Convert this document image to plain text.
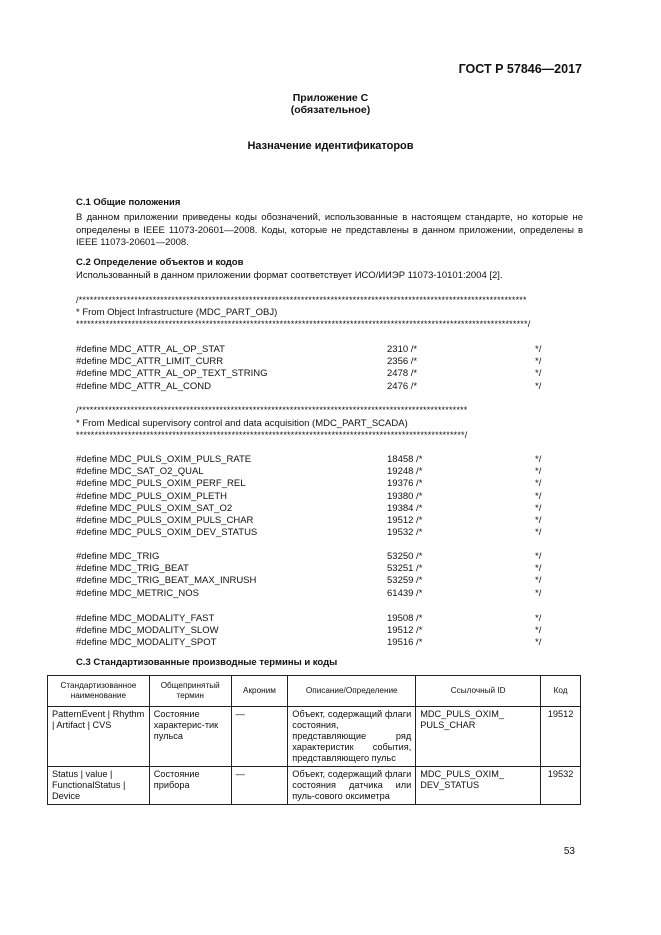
ГОСТ Р 57846—2017
Приложение С
(обязательное)
Назначение идентификаторов
С.1 Общие положения

В данном приложении приведены коды обозначений, использованные в настоящем стандарте, но которые не определены в IEEE 11073-20601—2008. Коды, которые не представлены в данном приложении, определены в IEEE 11073-20601—2008.

С.2 Определение объектов и кодов
Использованный в данном приложении формат соответствует ИСО/ИИЭР 11073-10101:2004 [2].
/*************************************************************************************************************************
* From Object Infrastructure (MDC_PART_OBJ)
**************************************************************************************************************************/
#define MDC_ATTR_AL_OP_STAT	2310 /*	*/
#define MDC_ATTR_LIMIT_CURR	2356 /*	*/
#define MDC_ATTR_AL_OP_TEXT_STRING	2478 /*	*/
#define MDC_ATTR_AL_COND	2476 /*	*/
/*********************************************************************************************************
* From Medical supervisory control and data acquisition (MDC_PART_SCADA)
*********************************************************************************************************/
#define MDC_PULS_OXIM_PULS_RATE	18458 /*	*/
#define MDC_SAT_O2_QUAL	19248 /*	*/
#define MDC_PULS_OXIM_PERF_REL	19376 /*	*/
#define MDC_PULS_OXIM_PLETH	19380 /*	*/
#define MDC_PULS_OXIM_SAT_O2	19384 /*	*/
#define MDC_PULS_OXIM_PULS_CHAR	19512 /*	*/
#define MDC_PULS_OXIM_DEV_STATUS	19532 /*	*/
#define MDC_TRIG	53250 /*	*/
#define MDC_TRIG_BEAT	53251 /*	*/
#define MDC_TRIG_BEAT_MAX_INRUSH	53259 /*	*/
#define MDC_METRIC_NOS	61439 /*	*/
#define MDC_MODALITY_FAST	19508 /*	*/
#define MDC_MODALITY_SLOW	19512 /*	*/
#define MDC_MODALITY_SPOT	19516 /*	*/
С.3 Стандартизованные производные термины и коды
Стандартизованное наименование	Общепринятый термин	Акроним	Описание/Определение	Ссылочный ID	Код
PatternEvent | Rhythm | Artifact | CVS	Состояние характерис-тик пульса	—	Объект, содержащий флаги состояния, представляющие ряд характеристик события, представляющего пульс	MDC_PULS_OXIM_ PULS_CHAR	19512
Status | value | FunctionalStatus | Device	Состояние прибора	—	Объект, содержащий флаги состояния датчика или пуль-сового оксиметра	MDC_PULS_OXIM_ DEV_STATUS	19532
53
